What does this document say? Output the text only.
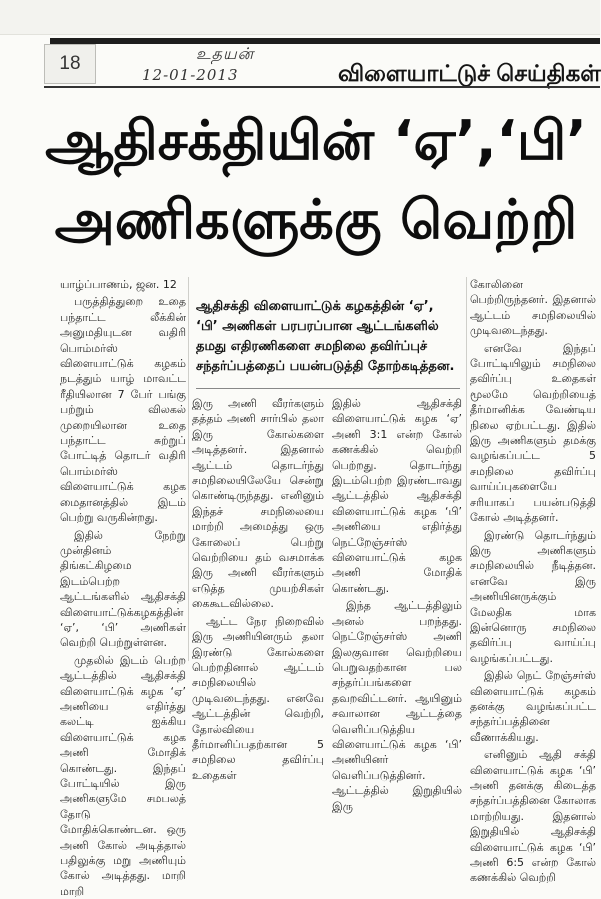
18	உதயன்
12-01-2013	விளையாட்டுச் செய்திகள்
ஆதிசக்தியின் ‘ஏ’,‘பி’
அணிகளுக்கு வெற்றி

யாழ்ப்பாணம், ஜன. 12

பருத்தித்துறை உதை பந்தாட்ட லீக்கின் அனுமதியுடன வதிரி பொம்மர்ஸ் விளையாட்டுக் கழகம் நடத்தும் யாழ் மாவட்ட ரீதியிலான 7 பேர் பங்கு பற்றும் விலகல் முறையிலான உதை பந்தாட்ட சுற்றுப் போட்டித் தொடர் வதிரி பொம்மர்ஸ் விளையாட்டுக் கழக மைதானத்தில் இடம் பெற்று வருகின்றது.

இதில் நேற்று முன்தினம் திங்கட்கிழமை இடம்பெற்ற ஆட்டங்களில் ஆதிசக்தி விளையாட்டுக்கழகத்தின் ‘ஏ’, ‘பி’ அணிகள் வெற்றி பெற்றுள்ளன.

முதலில் இடம் பெற்ற ஆட்டத்தில் ஆதிசக்தி விளையாட்டுக் கழக ‘ஏ’ அணியை எதிர்த்து கலட்டி ஐக்கிய விளையாட்டுக் கழக அணி மோதிக் கொண்டது. இந்தப் போட்டியில் இரு அணிகளுமே சமபலத் தோடு மோதிக்கொண்டன. ஒரு அணி கோல் அடித்தால் பதிலுக்கு மறு அணியும் கோல் அடித்தது. மாறி மாறி

ஆதிசக்தி விளையாட்டுக் கழகத்தின் ‘ஏ’, ‘பி’ அணிகள் பரபரப்பான ஆட்டங்களில் தமது எதிரணிகளை சமநிலை தவிர்ப்புச் சந்தர்ப்பத்தைப் பயன்படுத்தி தோற்கடித்தன.

இரு அணி வீரர்களும் தத்தம் அணி சார்பில் தலா இரு கோல்களை அடித்தனர். இதனால் ஆட்டம் தொடர்ந்து சமநிலையிலேயே சென்று கொண்டிருந்தது. எனினும் இந்தச் சமநிலையை மாற்றி அமைத்து ஒரு கோலைப் பெற்று வெற்றியை தம் வசமாக்க இரு அணி வீரர்களும் எடுத்த முயற்சிகள் கைகூடவில்லை.

ஆட்ட நேர நிறைவில் இரு அணியினரும் தலா இரண்டு கோல்களை பெற்றதினால் ஆட்டம் சமநிலையில் முடிவடைந்தது. எனவே ஆட்டத்தின் வெற்றி, தோல்வியை தீர்மானிப்பதற்கான 5 சமநிலை தவிர்ப்பு உதைகள்

இதில் ஆதிசக்தி விளையாட்டுக் கழக ‘ஏ’ அணி 3:1 என்ற கோல் கணக்கில் வெற்றி பெற்றது. தொடர்ந்து இடம்பெற்ற இரண்டாவது ஆட்டத்தில் ஆதிசக்தி விளையாட்டுக் கழக ‘பி’ அணியை எதிர்த்து நெட்றேஞ்சர்ஸ் விளையாட்டுக் கழக அணி மோதிக் கொண்டது.

இந்த ஆட்டத்திலும் அனல் பறந்தது. நெட்றேஞ்சர்ஸ் அணி இலகுவான வெற்றியை பெறுவதற்கான பல சந்தர்ப்பங்களை தவறவிட்டனர். ஆயினும் சவாலான ஆட்டத்தை வெளிப்படுத்திய விளையாட்டுக் கழக ‘பி’ அணியினர் வெளிப்படுத்தினர். ஆட்டத்தில் இறுதியில் இரு

கோலினை பெற்றிருந்தனர். இதனால் ஆட்டம் சமநிலையில் முடிவடைந்தது.

எனவே இந்தப் போட்டியிலும் சமநிலை தவிர்ப்பு உதைகள் மூலமே வெற்றியைத் தீர்மானிக்க வேண்டிய நிலை ஏற்பட்டது. இதில் இரு அணிகளும் தமக்கு வழங்கப்பட்ட 5 சமநிலை தவிர்ப்பு வாய்ப்புகளையே சரியாகப் பயன்படுத்தி கோல் அடித்தனர்.

இரண்டு தொடர்ந்தும் இரு அணிகளும் சமநிலையில் நீடித்தன. எனவே இரு அணியினருக்கும் மேலதிக மாக இன்னொரு சமநிலை தவிர்ப்பு வாய்ப்பு வழங்கப்பட்டது.

இதில் நெட் றேஞ்சர்ஸ் விளையாட்டுக் கழகம் தனக்கு வழங்கப்பட்ட சந்தர்ப்பத்தினை வீணாக்கியது.

எனினும் ஆதி சக்தி விளையாட்டுக் கழக ‘பி’ அணி தனக்கு கிடைத்த சந்தர்ப்பத்தினை கோலாக மாற்றியது. இதனால் இறுதியில் ஆதிசக்தி விளையாட்டுக் கழக ‘பி’ அணி 6:5 என்ற கோல் கணக்கில் வெற்றி
